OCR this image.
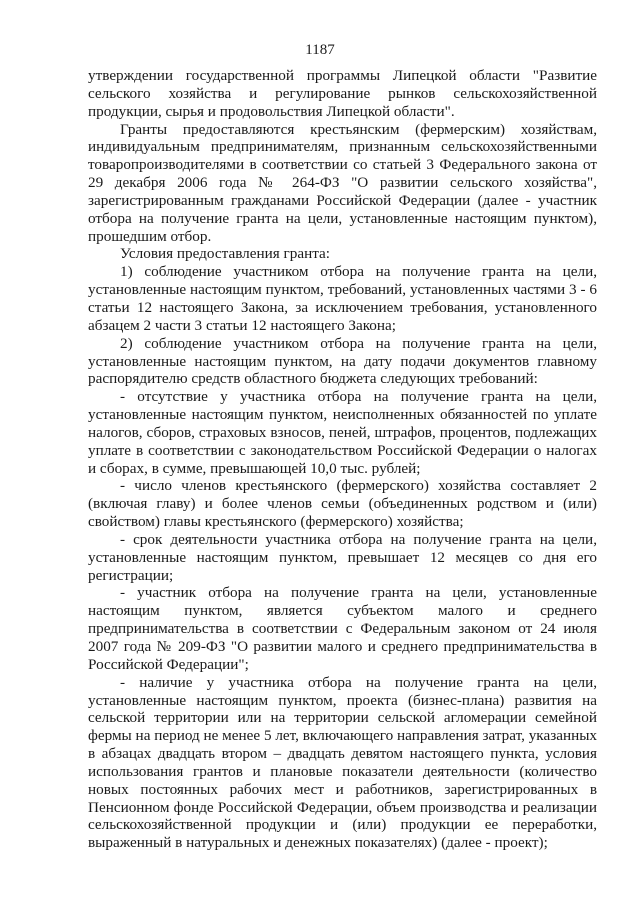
1187

утверждении государственной программы Липецкой области "Развитие сельского хозяйства и регулирование рынков сельскохозяйственной продукции, сырья и продовольствия Липецкой области".

Гранты предоставляются крестьянским (фермерским) хозяйствам, индивидуальным предпринимателям, признанным сельскохозяйственными товаропроизводителями в соответствии со статьей 3 Федерального закона от 29 декабря 2006 года № 264-ФЗ "О развитии сельского хозяйства", зарегистрированным гражданами Российской Федерации (далее - участник отбора на получение гранта на цели, установленные настоящим пунктом), прошедшим отбор.

Условия предоставления гранта:

1) соблюдение участником отбора на получение гранта на цели, установленные настоящим пунктом, требований, установленных частями 3 - 6 статьи 12 настоящего Закона, за исключением требования, установленного абзацем 2 части 3 статьи 12 настоящего Закона;

2) соблюдение участником отбора на получение гранта на цели, установленные настоящим пунктом, на дату подачи документов главному распорядителю средств областного бюджета следующих требований:

- отсутствие у участника отбора на получение гранта на цели, установленные настоящим пунктом, неисполненных обязанностей по уплате налогов, сборов, страховых взносов, пеней, штрафов, процентов, подлежащих уплате в соответствии с законодательством Российской Федерации о налогах и сборах, в сумме, превышающей 10,0 тыс. рублей;

- число членов крестьянского (фермерского) хозяйства составляет 2 (включая главу) и более членов семьи (объединенных родством и (или) свойством) главы крестьянского (фермерского) хозяйства;

- срок деятельности участника отбора на получение гранта на цели, установленные настоящим пунктом, превышает 12 месяцев со дня его регистрации;

- участник отбора на получение гранта на цели, установленные настоящим пунктом, является субъектом малого и среднего предпринимательства в соответствии с Федеральным законом от 24 июля 2007 года № 209-ФЗ "О развитии малого и среднего предпринимательства в Российской Федерации";

- наличие у участника отбора на получение гранта на цели, установленные настоящим пунктом, проекта (бизнес-плана) развития на сельской территории или на территории сельской агломерации семейной фермы на период не менее 5 лет, включающего направления затрат, указанных в абзацах двадцать втором – двадцать девятом настоящего пункта, условия использования грантов и плановые показатели деятельности (количество новых постоянных рабочих мест и работников, зарегистрированных в Пенсионном фонде Российской Федерации, объем производства и реализации сельскохозяйственной продукции и (или) продукции ее переработки, выраженный в натуральных и денежных показателях) (далее - проект);
